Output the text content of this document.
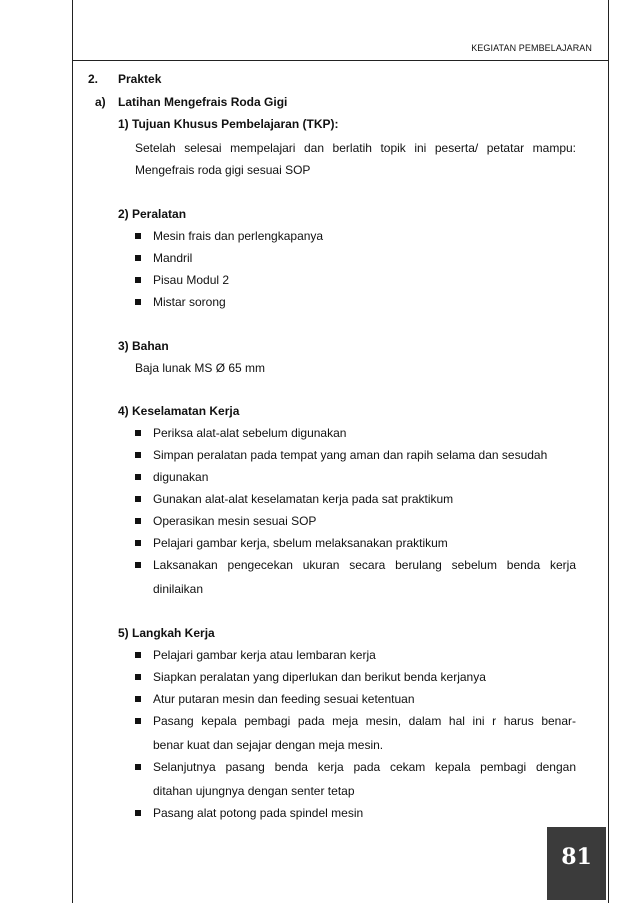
KEGIATAN PEMBELAJARAN
2. Praktek
a) Latihan Mengefrais Roda Gigi
1) Tujuan Khusus Pembelajaran (TKP):
Setelah selesai mempelajari dan berlatih topik ini peserta/ petatar mampu:
Mengefrais roda gigi sesuai SOP
2) Peralatan
Mesin frais dan perlengkapanya
Mandril
Pisau Modul 2
Mistar sorong
3) Bahan
Baja lunak MS Ø 65 mm
4) Keselamatan Kerja
Periksa alat-alat sebelum digunakan
Simpan peralatan pada tempat yang aman dan rapih selama dan sesudah
digunakan
Gunakan alat-alat keselamatan kerja pada sat praktikum
Operasikan mesin sesuai SOP
Pelajari gambar kerja, sbelum melaksanakan praktikum
Laksanakan pengecekan ukuran secara berulang sebelum benda kerja
dinilaikan
5) Langkah Kerja
Pelajari gambar kerja atau lembaran kerja
Siapkan peralatan yang diperlukan dan berikut benda kerjanya
Atur putaran mesin dan feeding sesuai ketentuan
Pasang kepala pembagi pada meja mesin, dalam hal ini r harus benar-
benar kuat dan sejajar dengan meja mesin.
Selanjutnya pasang benda kerja pada cekam kepala pembagi dengan
ditahan ujungnya dengan senter tetap
Pasang alat potong pada spindel mesin
81
